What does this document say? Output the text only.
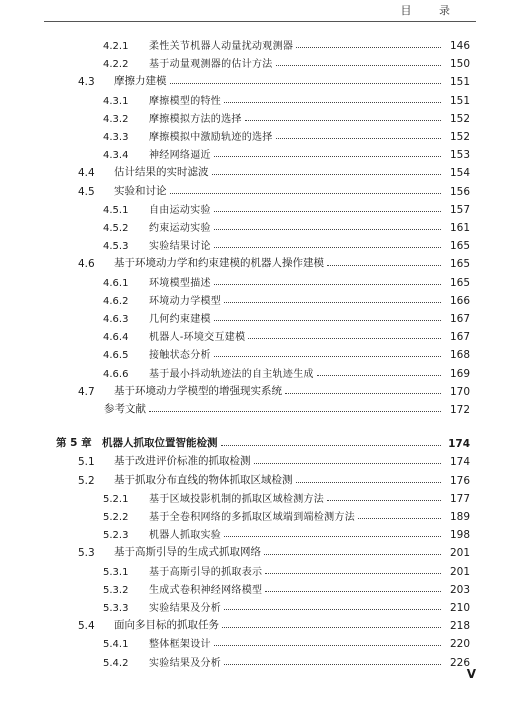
目 录
4.2.1	柔性关节机器人动量扰动观测器	146
4.2.2	基于动量观测器的估计方法	150
4.3	摩擦力建模	151
4.3.1	摩擦模型的特性	151
4.3.2	摩擦模拟方法的选择	152
4.3.3	摩擦模拟中激励轨迹的选择	152
4.3.4	神经网络逼近	153
4.4	估计结果的实时滤波	154
4.5	实验和讨论	156
4.5.1	自由运动实验	157
4.5.2	约束运动实验	161
4.5.3	实验结果讨论	165
4.6	基于环境动力学和约束建模的机器人操作建模	165
4.6.1	环境模型描述	165
4.6.2	环境动力学模型	166
4.6.3	几何约束建模	167
4.6.4	机器人-环境交互建模	167
4.6.5	接触状态分析	168
4.6.6	基于最小抖动轨迹法的自主轨迹生成	169
4.7	基于环境动力学模型的增强现实系统	170
参考文献	172
第 5 章 机器人抓取位置智能检测	174
5.1	基于改进评价标准的抓取检测	174
5.2	基于抓取分布直线的物体抓取区域检测	176
5.2.1	基于区域投影机制的抓取区域检测方法	177
5.2.2	基于全卷积网络的多抓取区域端到端检测方法	189
5.2.3	机器人抓取实验	198
5.3	基于高斯引导的生成式抓取网络	201
5.3.1	基于高斯引导的抓取表示	201
5.3.2	生成式卷积神经网络模型	203
5.3.3	实验结果及分析	210
5.4	面向多目标的抓取任务	218
5.4.1	整体框架设计	220
5.4.2	实验结果及分析	226
V
